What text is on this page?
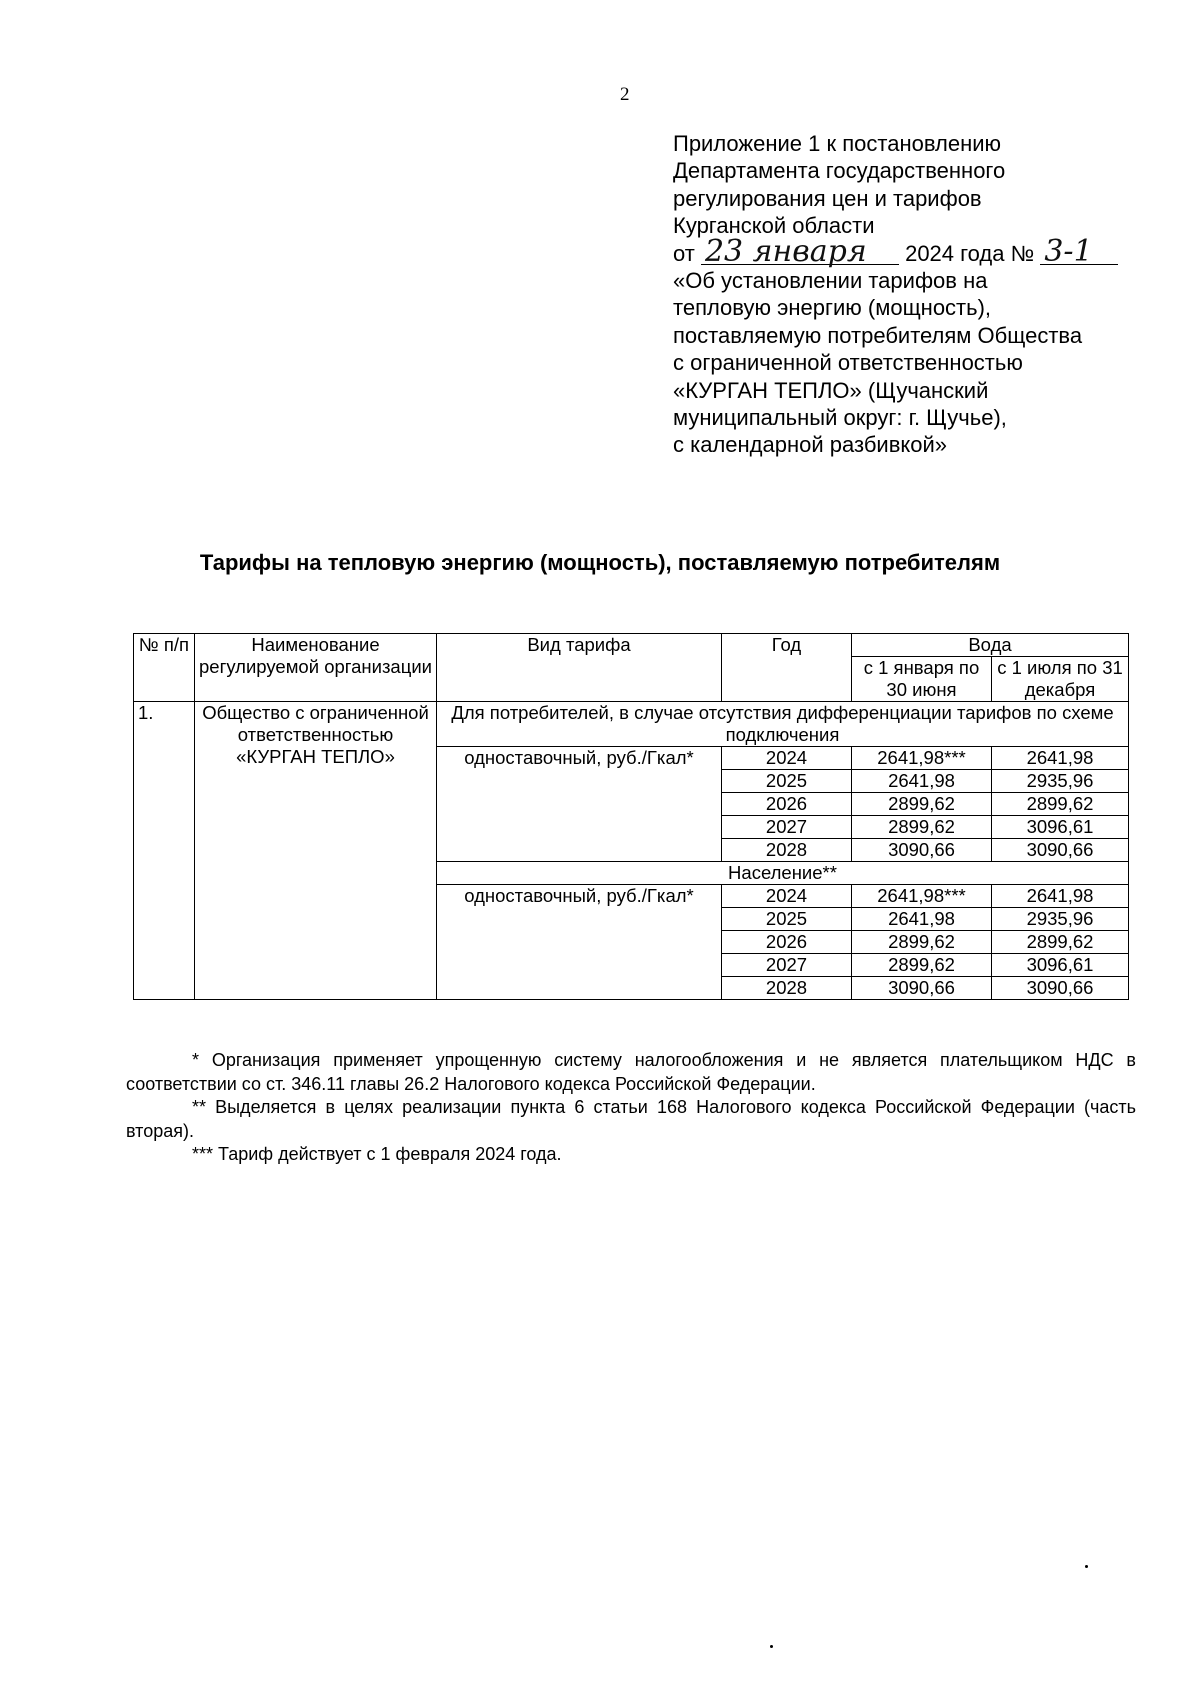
2
Приложение 1 к постановлению
Департамента государственного
регулирования цен и тарифов
Курганской области
от 23 января 2024 года № 3-1
«Об установлении тарифов на
тепловую энергию (мощность),
поставляемую потребителям Общества
с ограниченной ответственностью
«КУРГАН ТЕПЛО» (Щучанский
муниципальный округ: г. Щучье),
с календарной разбивкой»
Тарифы на тепловую энергию (мощность), поставляемую потребителям
№ п/п	Наименование регулируемой организации	Вид тарифа	Год	Вода	
				с 1 января по 30 июня	с 1 июля по 31 декабря
1.	Общество с ограниченной ответственностью «КУРГАН ТЕПЛО»	Для потребителей, в случае отсутствия дифференциации тарифов по схеме подключения			
		одноставочный, руб./Гкал*	2024	2641,98***	2641,98
			2025	2641,98	2935,96
			2026	2899,62	2899,62
			2027	2899,62	3096,61
			2028	3090,66	3090,66
		Население**			
		одноставочный, руб./Гкал*	2024	2641,98***	2641,98
			2025	2641,98	2935,96
			2026	2899,62	2899,62
			2027	2899,62	3096,61
			2028	3090,66	3090,66

* Организация применяет упрощенную систему налогообложения и не является плательщиком НДС в соответствии со ст. 346.11 главы 26.2 Налогового кодекса Российской Федерации.

** Выделяется в целях реализации пункта 6 статьи 168 Налогового кодекса Российской Федерации (часть вторая).

*** Тариф действует с 1 февраля 2024 года.
